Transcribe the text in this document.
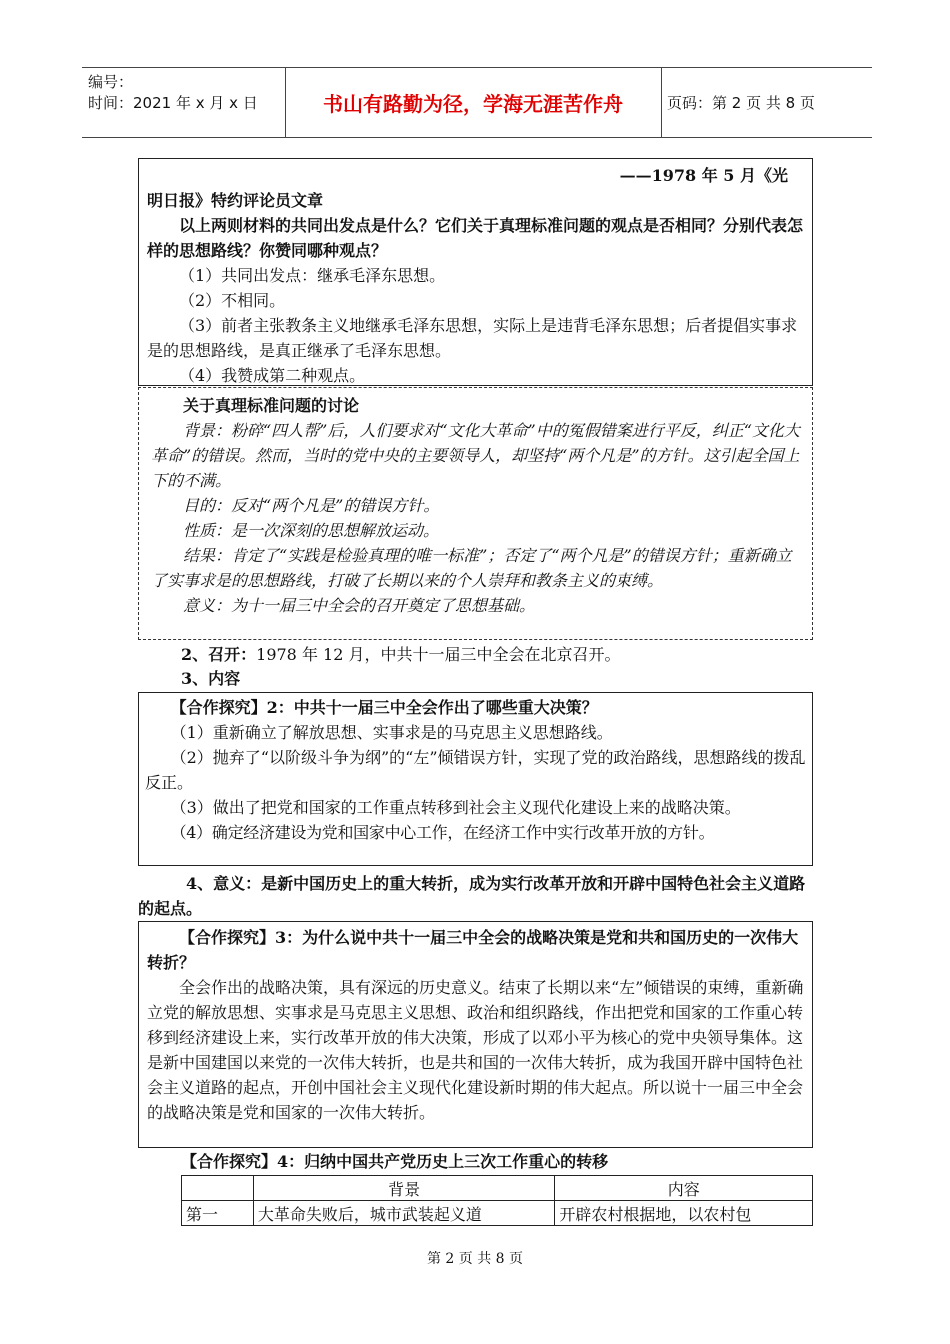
编号：
时间：2021 年 x 月 x 日	书山有路勤为径，学海无涯苦作舟	页码：第 2 页 共 8 页

——1978 年 5 月《光

明日报》特约评论员文章

以上两则材料的共同出发点是什么？它们关于真理标准问题的观点是否相同？分别代表怎样的思想路线？你赞同哪种观点？

（1）共同出发点：继承毛泽东思想。

（2）不相同。

（3）前者主张教条主义地继承毛泽东思想，实际上是违背毛泽东思想；后者提倡实事求是的思想路线，是真正继承了毛泽东思想。

（4）我赞成第二种观点。

关于真理标准问题的讨论

背景：粉碎“四人帮”后，人们要求对“文化大革命”中的冤假错案进行平反，纠正“文化大革命”的错误。然而，当时的党中央的主要领导人，却坚持“两个凡是”的方针。这引起全国上下的不满。

目的：反对“两个凡是”的错误方针。

性质：是一次深刻的思想解放运动。

结果：肯定了“实践是检验真理的唯一标准”；否定了“两个凡是”的错误方针；重新确立了实事求是的思想路线，打破了长期以来的个人崇拜和教条主义的束缚。

意义：为十一届三中全会的召开奠定了思想基础。

2、召开：1978 年 12 月，中共十一届三中全会在北京召开。
3、内容

【合作探究】2：中共十一届三中全会作出了哪些重大决策？

（1）重新确立了解放思想、实事求是的马克思主义思想路线。

（2）抛弃了“以阶级斗争为纲”的“左”倾错误方针，实现了党的政治路线，思想路线的拨乱反正。

（3）做出了把党和国家的工作重点转移到社会主义现代化建设上来的战略决策。

（4）确定经济建设为党和国家中心工作，在经济工作中实行改革开放的方针。

4、意义：是新中国历史上的重大转折，成为实行改革开放和开辟中国特色社会主义道路的起点。

【合作探究】3：为什么说中共十一届三中全会的战略决策是党和共和国历史的一次伟大转折？

全会作出的战略决策，具有深远的历史意义。结束了长期以来“左”倾错误的束缚，重新确立党的解放思想、实事求是马克思主义思想、政治和组织路线，作出把党和国家的工作重心转移到经济建设上来，实行改革开放的伟大决策，形成了以邓小平为核心的党中央领导集体。这是新中国建国以来党的一次伟大转折，也是共和国的一次伟大转折，成为我国开辟中国特色社会主义道路的起点，开创中国社会主义现代化建设新时期的伟大起点。所以说十一届三中全会的战略决策是党和国家的一次伟大转折。

【合作探究】4：归纳中国共产党历史上三次工作重心的转移
	背景	内容
第一	大革命失败后，城市武装起义道	开辟农村根据地，以农村包
第 2 页 共 8 页
